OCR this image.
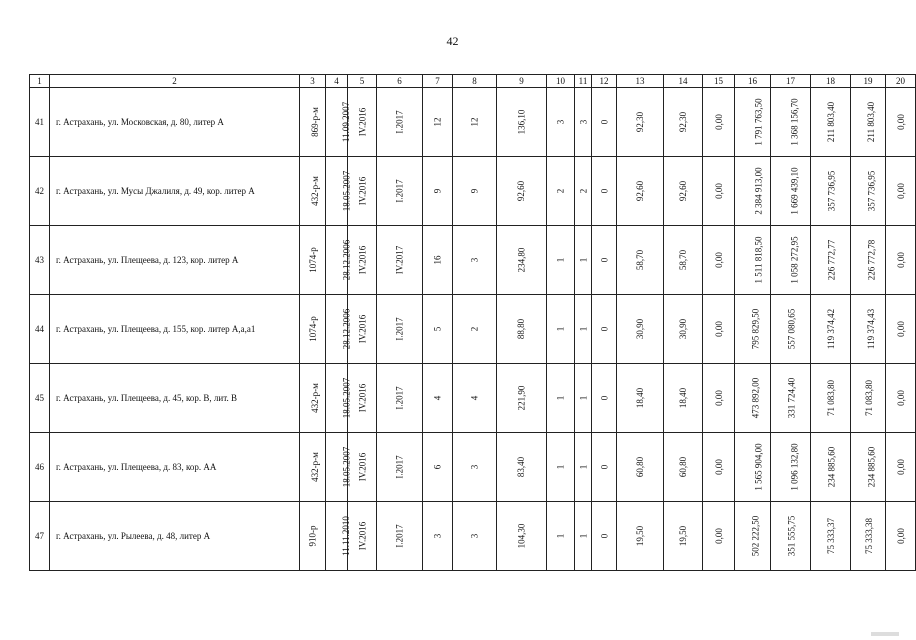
42
1	2	3	4	5	6	7	8	9	10	11	12	13	14	15	16	17	18	19	20
41	г. Астрахань, ул. Московская, д. 80, литер А	869-р-м	11.09.2007	IV.2016	I.2017	12	12	136,10	3	3	0	92,30	92,30	0,00	1 791 763,50	1 368 156,70	211 803,40	211 803,40	0,00
42	г. Астрахань, ул. Мусы Джалиля, д. 49, кор. литер А	432-р-м	18.05.2007	IV.2016	I.2017	9	9	92,60	2	2	0	92,60	92,60	0,00	2 384 913,00	1 669 439,10	357 736,95	357 736,95	0,00
43	г. Астрахань, ул. Плещеева, д. 123, кор. литер А	1074-р	28.12.2006	IV.2016	IV.2017	16	3	234,80	1	1	0	58,70	58,70	0,00	1 511 818,50	1 058 272,95	226 772,77	226 772,78	0,00
44	г. Астрахань, ул. Плещеева, д. 155, кор. литер А,а,а1	1074-р	28.12.2006	IV.2016	I.2017	5	2	88,80	1	1	0	30,90	30,90	0,00	795 829,50	557 080,65	119 374,42	119 374,43	0,00
45	г. Астрахань, ул. Плещеева, д. 45, кор. В, лит. В	432-р-м	18.05.2007	IV.2016	I.2017	4	4	221,90	1	1	0	18,40	18,40	0,00	473 892,00	331 724,40	71 083,80	71 083,80	0,00
46	г. Астрахань, ул. Плещеева, д. 83, кор. АА	432-р-м	18.05.2007	IV.2016	I.2017	6	3	83,40	1	1	0	60,80	60,80	0,00	1 565 904,00	1 096 132,80	234 885,60	234 885,60	0,00
47	г. Астрахань, ул. Рылеева, д. 48, литер А	910-р	11.11.2010	IV.2016	I.2017	3	3	104,30	1	1	0	19,50	19,50	0,00	502 222,50	351 555,75	75 333,37	75 333,38	0,00
